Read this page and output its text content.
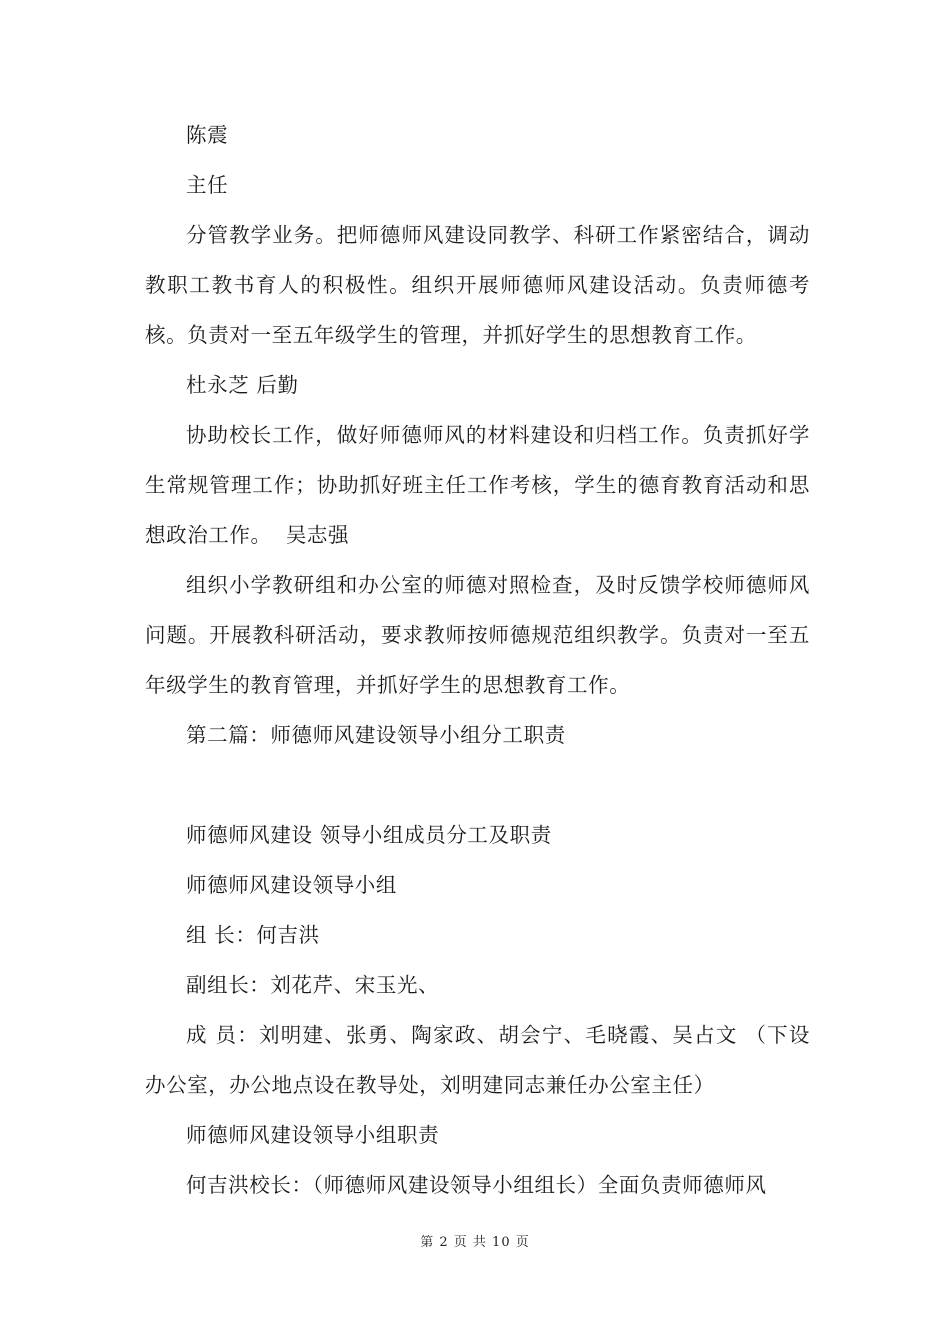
陈震

主任

分管教学业务。把师德师风建设同教学、科研工作紧密结合，调动教职工教书育人的积极性。组织开展师德师风建设活动。负责师德考核。负责对一至五年级学生的管理，并抓好学生的思想教育工作。

杜永芝 后勤

协助校长工作，做好师德师风的材料建设和归档工作。负责抓好学生常规管理工作；协助抓好班主任工作考核，学生的德育教育活动和思想政治工作。  吴志强

组织小学教研组和办公室的师德对照检查，及时反馈学校师德师风问题。开展教科研活动，要求教师按师德规范组织教学。负责对一至五年级学生的教育管理，并抓好学生的思想教育工作。

第二篇：师德师风建设领导小组分工职责

师德师风建设 领导小组成员分工及职责

师德师风建设领导小组

组 长：何吉洪

副组长：刘花芹、宋玉光、

成 员：刘明建、张勇、陶家政、胡会宁、毛晓霞、吴占文 （下设办公室，办公地点设在教导处，刘明建同志兼任办公室主任）

师德师风建设领导小组职责

何吉洪校长：（师德师风建设领导小组组长）全面负责师德师风

第 2 页 共 10 页
